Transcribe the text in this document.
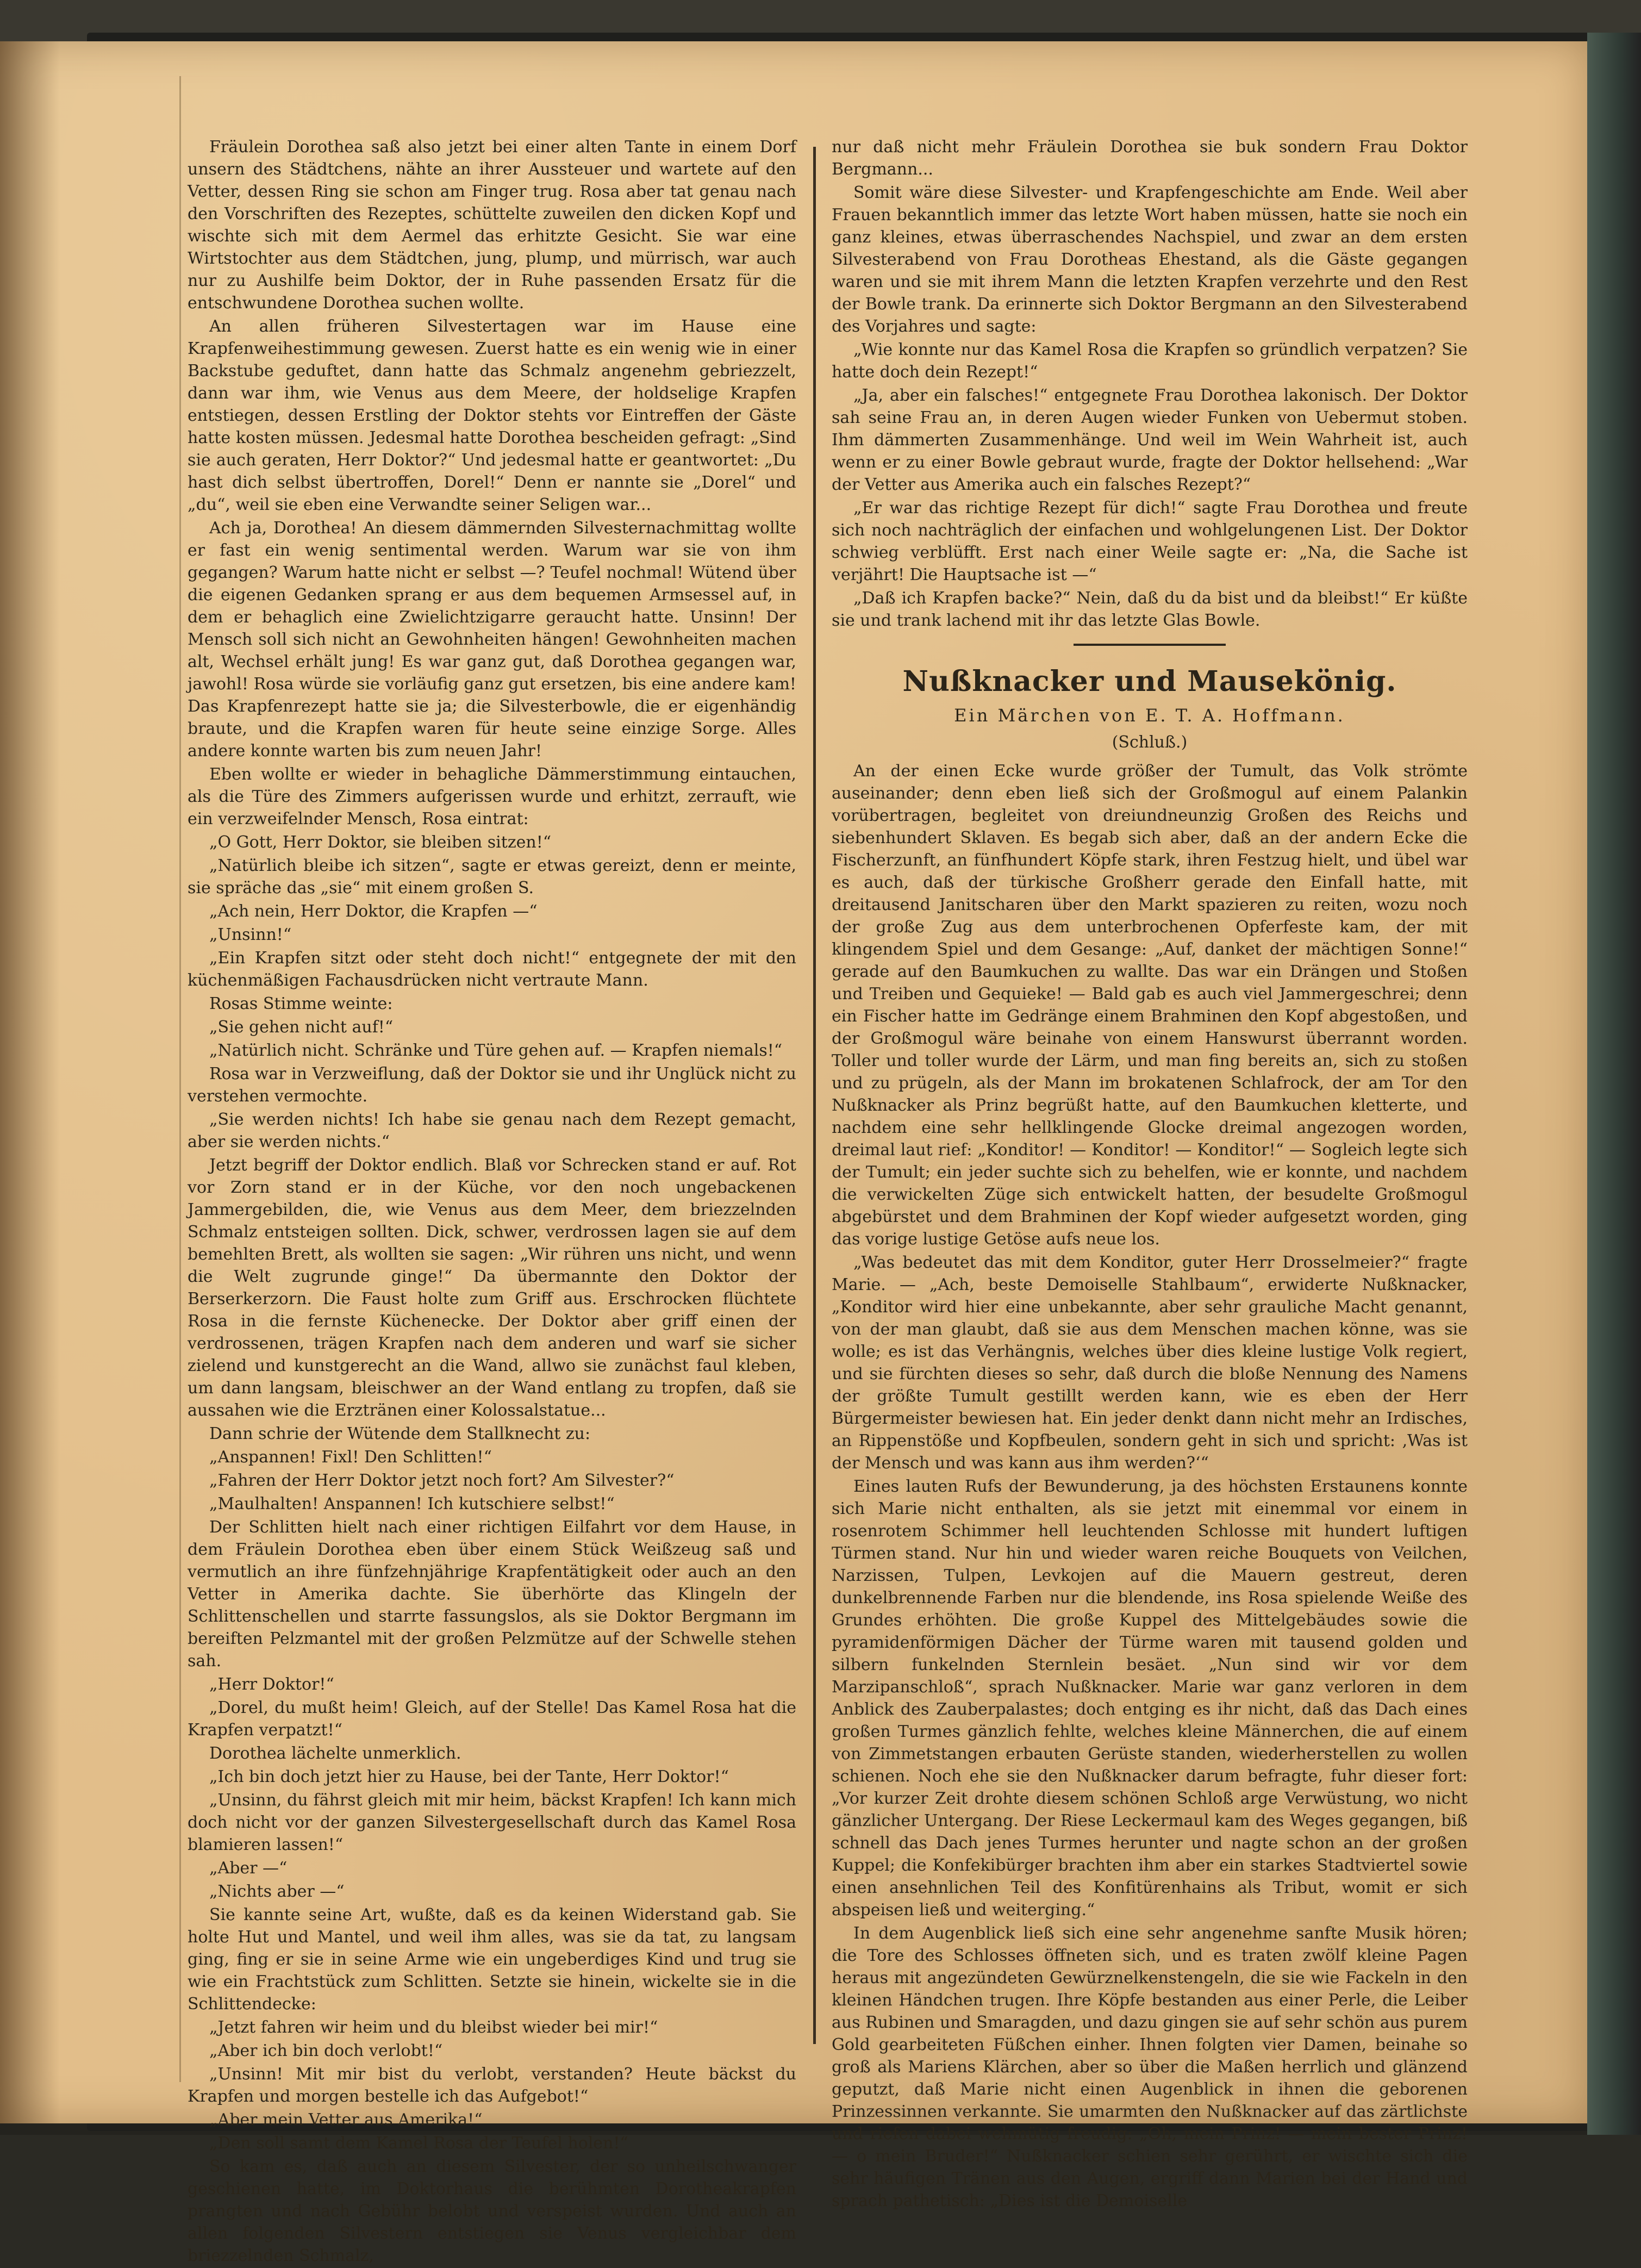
Fräulein Dorothea saß also jetzt bei einer alten Tante in einem Dorf unsern des Städtchens, nähte an ihrer Aussteuer und wartete auf den Vetter, dessen Ring sie schon am Finger trug. Rosa aber tat genau nach den Vorschriften des Rezeptes, schüttelte zuweilen den dicken Kopf und wischte sich mit dem Aermel das erhitzte Gesicht. Sie war eine Wirtstochter aus dem Städtchen, jung, plump, und mürrisch, war auch nur zu Aushilfe beim Doktor, der in Ruhe passenden Ersatz für die entschwundene Dorothea suchen wollte.

An allen früheren Silvestertagen war im Hause eine Krapfenweihestimmung gewesen. Zuerst hatte es ein wenig wie in einer Backstube geduftet, dann hatte das Schmalz angenehm gebriezzelt, dann war ihm, wie Venus aus dem Meere, der holdselige Krapfen entstiegen, dessen Erstling der Doktor stehts vor Eintreffen der Gäste hatte kosten müssen. Jedesmal hatte Dorothea bescheiden gefragt: „Sind sie auch geraten, Herr Doktor?“ Und jedesmal hatte er geantwortet: „Du hast dich selbst übertroffen, Dorel!“ Denn er nannte sie „Dorel“ und „du“, weil sie eben eine Verwandte seiner Seligen war...

Ach ja, Dorothea! An diesem dämmernden Silvesternachmittag wollte er fast ein wenig sentimental werden. Warum war sie von ihm gegangen? Warum hatte nicht er selbst —? Teufel nochmal! Wütend über die eigenen Gedanken sprang er aus dem bequemen Armsessel auf, in dem er behaglich eine Zwielichtzigarre geraucht hatte. Unsinn! Der Mensch soll sich nicht an Gewohnheiten hängen! Gewohnheiten machen alt, Wechsel erhält jung! Es war ganz gut, daß Dorothea gegangen war, jawohl! Rosa würde sie vorläufig ganz gut ersetzen, bis eine andere kam! Das Krapfenrezept hatte sie ja; die Silvesterbowle, die er eigenhändig braute, und die Krapfen waren für heute seine einzige Sorge. Alles andere konnte warten bis zum neuen Jahr!

Eben wollte er wieder in behagliche Dämmerstimmung eintauchen, als die Türe des Zimmers aufgerissen wurde und erhitzt, zerrauft, wie ein verzweifelnder Mensch, Rosa eintrat:

„O Gott, Herr Doktor, sie bleiben sitzen!“

„Natürlich bleibe ich sitzen“, sagte er etwas gereizt, denn er meinte, sie spräche das „sie“ mit einem großen S.

„Ach nein, Herr Doktor, die Krapfen —“

„Unsinn!“

„Ein Krapfen sitzt oder steht doch nicht!“ entgegnete der mit den küchenmäßigen Fachausdrücken nicht vertraute Mann.

Rosas Stimme weinte:

„Sie gehen nicht auf!“

„Natürlich nicht. Schränke und Türe gehen auf. — Krapfen niemals!“

Rosa war in Verzweiflung, daß der Doktor sie und ihr Unglück nicht zu verstehen vermochte.

„Sie werden nichts! Ich habe sie genau nach dem Rezept gemacht, aber sie werden nichts.“

Jetzt begriff der Doktor endlich. Blaß vor Schrecken stand er auf. Rot vor Zorn stand er in der Küche, vor den noch ungebackenen Jammergebilden, die, wie Venus aus dem Meer, dem briezzelnden Schmalz entsteigen sollten. Dick, schwer, verdrossen lagen sie auf dem bemehlten Brett, als wollten sie sagen: „Wir rühren uns nicht, und wenn die Welt zugrunde ginge!“ Da übermannte den Doktor der Berserkerzorn. Die Faust holte zum Griff aus. Erschrocken flüchtete Rosa in die fernste Küchenecke. Der Doktor aber griff einen der verdrossenen, trägen Krapfen nach dem anderen und warf sie sicher zielend und kunstgerecht an die Wand, allwo sie zunächst faul kleben, um dann langsam, bleischwer an der Wand entlang zu tropfen, daß sie aussahen wie die Erztränen einer Kolossalstatue...

Dann schrie der Wütende dem Stallknecht zu:

„Anspannen! Fixl! Den Schlitten!“

„Fahren der Herr Doktor jetzt noch fort? Am Silvester?“

„Maulhalten! Anspannen! Ich kutschiere selbst!“

Der Schlitten hielt nach einer richtigen Eilfahrt vor dem Hause, in dem Fräulein Dorothea eben über einem Stück Weißzeug saß und vermutlich an ihre fünfzehnjährige Krapfentätigkeit oder auch an den Vetter in Amerika dachte. Sie überhörte das Klingeln der Schlittenschellen und starrte fassungslos, als sie Doktor Bergmann im bereiften Pelzmantel mit der großen Pelzmütze auf der Schwelle stehen sah.

„Herr Doktor!“

„Dorel, du mußt heim! Gleich, auf der Stelle! Das Kamel Rosa hat die Krapfen verpatzt!“

Dorothea lächelte unmerklich.

„Ich bin doch jetzt hier zu Hause, bei der Tante, Herr Doktor!“

„Unsinn, du fährst gleich mit mir heim, bäckst Krapfen! Ich kann mich doch nicht vor der ganzen Silvestergesellschaft durch das Kamel Rosa blamieren lassen!“

„Aber —“

„Nichts aber —“

Sie kannte seine Art, wußte, daß es da keinen Widerstand gab. Sie holte Hut und Mantel, und weil ihm alles, was sie da tat, zu langsam ging, fing er sie in seine Arme wie ein ungeberdiges Kind und trug sie wie ein Frachtstück zum Schlitten. Setzte sie hinein, wickelte sie in die Schlittendecke:

„Jetzt fahren wir heim und du bleibst wieder bei mir!“

„Aber ich bin doch verlobt!“

„Unsinn! Mit mir bist du verlobt, verstanden? Heute bäckst du Krapfen und morgen bestelle ich das Aufgebot!“

„Aber mein Vetter aus Amerika!“

„Den soll samt dem Kamel Rosa der Teufel holen!“

So kam es, daß auch an diesem Silvester, der so unheilschwanger geschienen hatte, im Doktorhaus die berühmten Dorotheakrapfen prangten und nach Gebühr belobt und verspeist wurden. Und auch an allen folgenden Silvestern entstiegen sie Venus vergleichbar dem briezzelnden Schmalz,

nur daß nicht mehr Fräulein Dorothea sie buk sondern Frau Doktor Bergmann...

Somit wäre diese Silvester- und Krapfengeschichte am Ende. Weil aber Frauen bekanntlich immer das letzte Wort haben müssen, hatte sie noch ein ganz kleines, etwas überraschendes Nachspiel, und zwar an dem ersten Silvesterabend von Frau Dorotheas Ehestand, als die Gäste gegangen waren und sie mit ihrem Mann die letzten Krapfen verzehrte und den Rest der Bowle trank. Da erinnerte sich Doktor Bergmann an den Silvesterabend des Vorjahres und sagte:

„Wie konnte nur das Kamel Rosa die Krapfen so gründlich verpatzen? Sie hatte doch dein Rezept!“

„Ja, aber ein falsches!“ entgegnete Frau Dorothea lakonisch. Der Doktor sah seine Frau an, in deren Augen wieder Funken von Uebermut stoben. Ihm dämmerten Zusammenhänge. Und weil im Wein Wahrheit ist, auch wenn er zu einer Bowle gebraut wurde, fragte der Doktor hellsehend: „War der Vetter aus Amerika auch ein falsches Rezept?“

„Er war das richtige Rezept für dich!“ sagte Frau Dorothea und freute sich noch nachträglich der einfachen und wohlgelungenen List. Der Doktor schwieg verblüfft. Erst nach einer Weile sagte er: „Na, die Sache ist verjährt! Die Hauptsache ist —“

„Daß ich Krapfen backe?“ Nein, daß du da bist und da bleibst!“ Er küßte sie und trank lachend mit ihr das letzte Glas Bowle.

Nußknacker und Mausekönig.
Ein Märchen von E. T. A. Hoffmann.
(Schluß.)

An der einen Ecke wurde größer der Tumult, das Volk strömte auseinander; denn eben ließ sich der Großmogul auf einem Palankin vorübertragen, begleitet von dreiundneunzig Großen des Reichs und siebenhundert Sklaven. Es begab sich aber, daß an der andern Ecke die Fischerzunft, an fünfhundert Köpfe stark, ihren Festzug hielt, und übel war es auch, daß der türkische Großherr gerade den Einfall hatte, mit dreitausend Janitscharen über den Markt spazieren zu reiten, wozu noch der große Zug aus dem unterbrochenen Opferfeste kam, der mit klingendem Spiel und dem Gesange: „Auf, danket der mächtigen Sonne!“ gerade auf den Baumkuchen zu wallte. Das war ein Drängen und Stoßen und Treiben und Gequieke! — Bald gab es auch viel Jammergeschrei; denn ein Fischer hatte im Gedränge einem Brahminen den Kopf abgestoßen, und der Großmogul wäre beinahe von einem Hanswurst überrannt worden. Toller und toller wurde der Lärm, und man fing bereits an, sich zu stoßen und zu prügeln, als der Mann im brokatenen Schlafrock, der am Tor den Nußknacker als Prinz begrüßt hatte, auf den Baumkuchen kletterte, und nachdem eine sehr hellklingende Glocke dreimal angezogen worden, dreimal laut rief: „Konditor! — Konditor! — Konditor!“ — Sogleich legte sich der Tumult; ein jeder suchte sich zu behelfen, wie er konnte, und nachdem die verwickelten Züge sich entwickelt hatten, der besudelte Großmogul abgebürstet und dem Brahminen der Kopf wieder aufgesetzt worden, ging das vorige lustige Getöse aufs neue los.

„Was bedeutet das mit dem Konditor, guter Herr Drosselmeier?“ fragte Marie. — „Ach, beste Demoiselle Stahlbaum“, erwiderte Nußknacker, „Konditor wird hier eine unbekannte, aber sehr grauliche Macht genannt, von der man glaubt, daß sie aus dem Menschen machen könne, was sie wolle; es ist das Verhängnis, welches über dies kleine lustige Volk regiert, und sie fürchten dieses so sehr, daß durch die bloße Nennung des Namens der größte Tumult gestillt werden kann, wie es eben der Herr Bürgermeister bewiesen hat. Ein jeder denkt dann nicht mehr an Irdisches, an Rippenstöße und Kopfbeulen, sondern geht in sich und spricht: ‚Was ist der Mensch und was kann aus ihm werden?‘“

Eines lauten Rufs der Bewunderung, ja des höchsten Erstaunens konnte sich Marie nicht enthalten, als sie jetzt mit einemmal vor einem in rosenrotem Schimmer hell leuchtenden Schlosse mit hundert luftigen Türmen stand. Nur hin und wieder waren reiche Bouquets von Veilchen, Narzissen, Tulpen, Levkojen auf die Mauern gestreut, deren dunkelbrennende Farben nur die blendende, ins Rosa spielende Weiße des Grundes erhöhten. Die große Kuppel des Mittelgebäudes sowie die pyramidenförmigen Dächer der Türme waren mit tausend golden und silbern funkelnden Sternlein besäet. „Nun sind wir vor dem Marzipanschloß“, sprach Nußknacker. Marie war ganz verloren in dem Anblick des Zauberpalastes; doch entging es ihr nicht, daß das Dach eines großen Turmes gänzlich fehlte, welches kleine Männerchen, die auf einem von Zimmetstangen erbauten Gerüste standen, wiederherstellen zu wollen schienen. Noch ehe sie den Nußknacker darum befragte, fuhr dieser fort: „Vor kurzer Zeit drohte diesem schönen Schloß arge Verwüstung, wo nicht gänzlicher Untergang. Der Riese Leckermaul kam des Weges gegangen, biß schnell das Dach jenes Turmes herunter und nagte schon an der großen Kuppel; die Konfekibürger brachten ihm aber ein starkes Stadtviertel sowie einen ansehnlichen Teil des Konfitürenhains als Tribut, womit er sich abspeisen ließ und weiterging.“

In dem Augenblick ließ sich eine sehr angenehme sanfte Musik hören; die Tore des Schlosses öffneten sich, und es traten zwölf kleine Pagen heraus mit angezündeten Gewürznelkenstengeln, die sie wie Fackeln in den kleinen Händchen trugen. Ihre Köpfe bestanden aus einer Perle, die Leiber aus Rubinen und Smaragden, und dazu gingen sie auf sehr schön aus purem Gold gearbeiteten Füßchen einher. Ihnen folgten vier Damen, beinahe so groß als Mariens Klärchen, aber so über die Maßen herrlich und glänzend geputzt, daß Marie nicht einen Augenblick in ihnen die geborenen Prinzessinnen verkannte. Sie umarmten den Nußknacker auf das zärtlichste und riefen dabei wehmütig freudig: „Oh, mein Prinz! — mein bester Prinz! — o mein Bruder!“ Nußknacker schien sehr gerührt, er wischte sich die sehr häufigen Tränen aus den Augen, ergriff dann Marien bei der Hand und sprach pathetisch: „Dies ist die Demoiselle
